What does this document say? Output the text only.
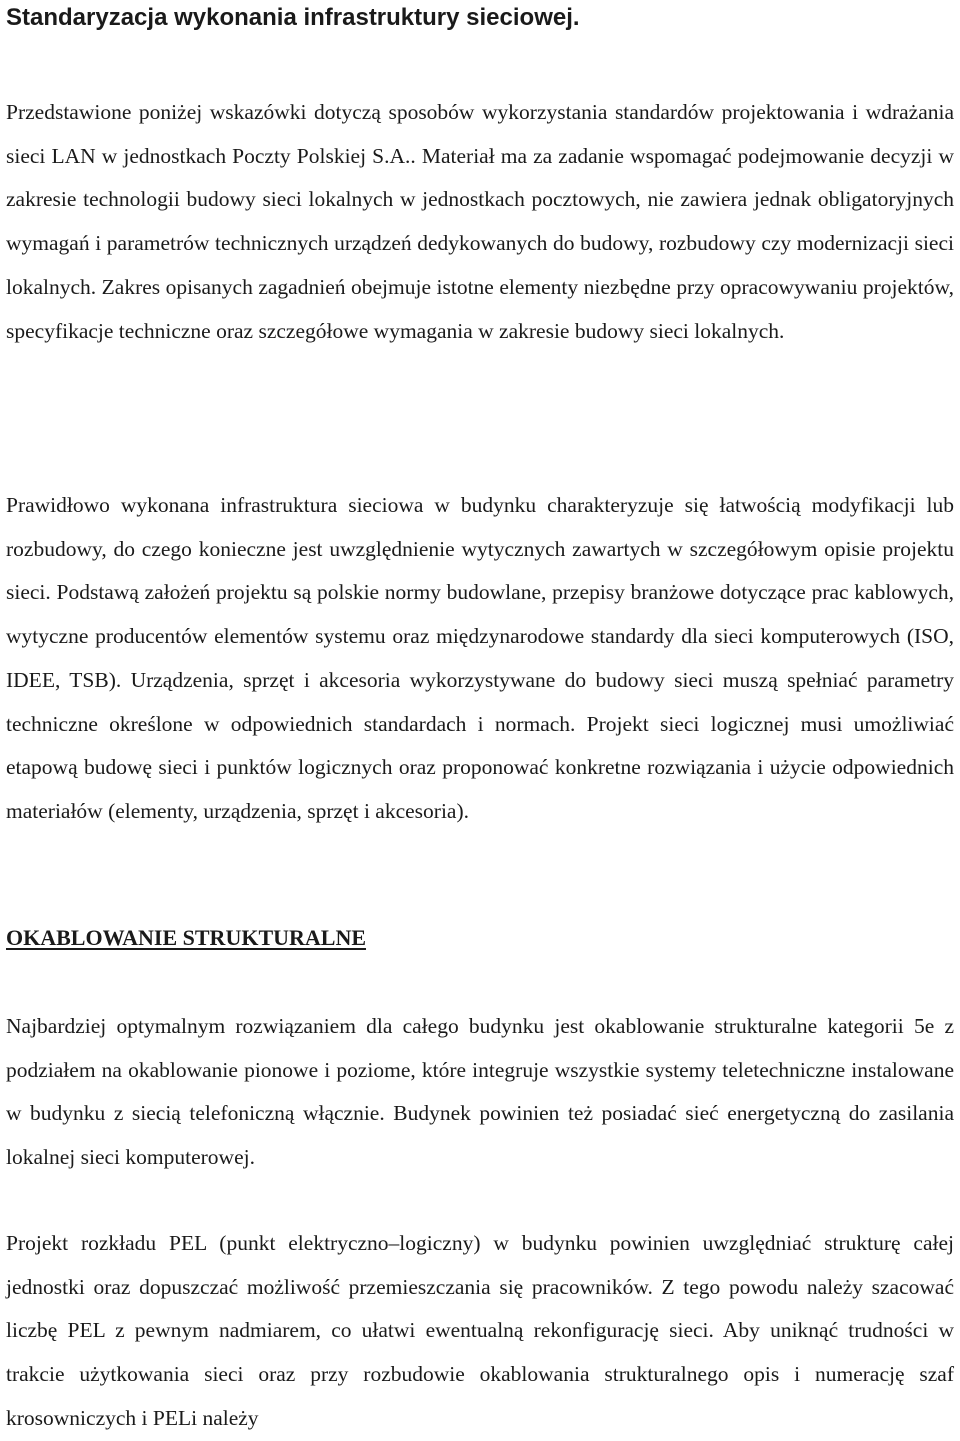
Standaryzacja wykonania infrastruktury sieciowej.

Przedstawione poniżej wskazówki dotyczą sposobów wykorzystania standardów projektowania i wdrażania sieci LAN w jednostkach Poczty Polskiej S.A.. Materiał ma za zadanie wspomagać podejmowanie decyzji w zakresie technologii budowy sieci lokalnych w jednostkach pocztowych, nie zawiera jednak obligatoryjnych wymagań i parametrów technicznych urządzeń dedykowanych do budowy, rozbudowy czy modernizacji sieci lokalnych. Zakres opisanych zagadnień obejmuje istotne elementy niezbędne przy opracowywaniu projektów, specyfikacje techniczne oraz szczegółowe wymagania w zakresie budowy sieci lokalnych.

Prawidłowo wykonana infrastruktura sieciowa w budynku charakteryzuje się łatwością modyfikacji lub rozbudowy, do czego konieczne jest uwzględnienie wytycznych zawartych w szczegółowym opisie projektu sieci. Podstawą założeń projektu są polskie normy budowlane, przepisy branżowe dotyczące prac kablowych, wytyczne producentów elementów systemu oraz międzynarodowe standardy dla sieci komputerowych (ISO, IDEE, TSB). Urządzenia, sprzęt i akcesoria wykorzystywane do budowy sieci muszą spełniać parametry techniczne określone w odpowiednich standardach i normach. Projekt sieci logicznej musi umożliwiać etapową budowę sieci i punktów logicznych oraz proponować konkretne rozwiązania i użycie odpowiednich materiałów (elementy, urządzenia, sprzęt i akcesoria).

OKABLOWANIE STRUKTURALNE

Najbardziej optymalnym rozwiązaniem dla całego budynku jest okablowanie strukturalne kategorii 5e z podziałem na okablowanie pionowe i poziome, które integruje wszystkie systemy teletechniczne instalowane w budynku z siecią telefoniczną włącznie. Budynek powinien też posiadać sieć energetyczną do zasilania lokalnej sieci komputerowej.

Projekt rozkładu PEL (punkt elektryczno–logiczny) w budynku powinien uwzględniać strukturę całej jednostki oraz dopuszczać możliwość przemieszczania się pracowników. Z tego powodu należy szacować liczbę PEL z pewnym nadmiarem, co ułatwi ewentualną rekonfigurację sieci. Aby uniknąć trudności w trakcie użytkowania sieci oraz przy rozbudowie okablowania strukturalnego opis i numerację szaf krosowniczych i PELi należy
